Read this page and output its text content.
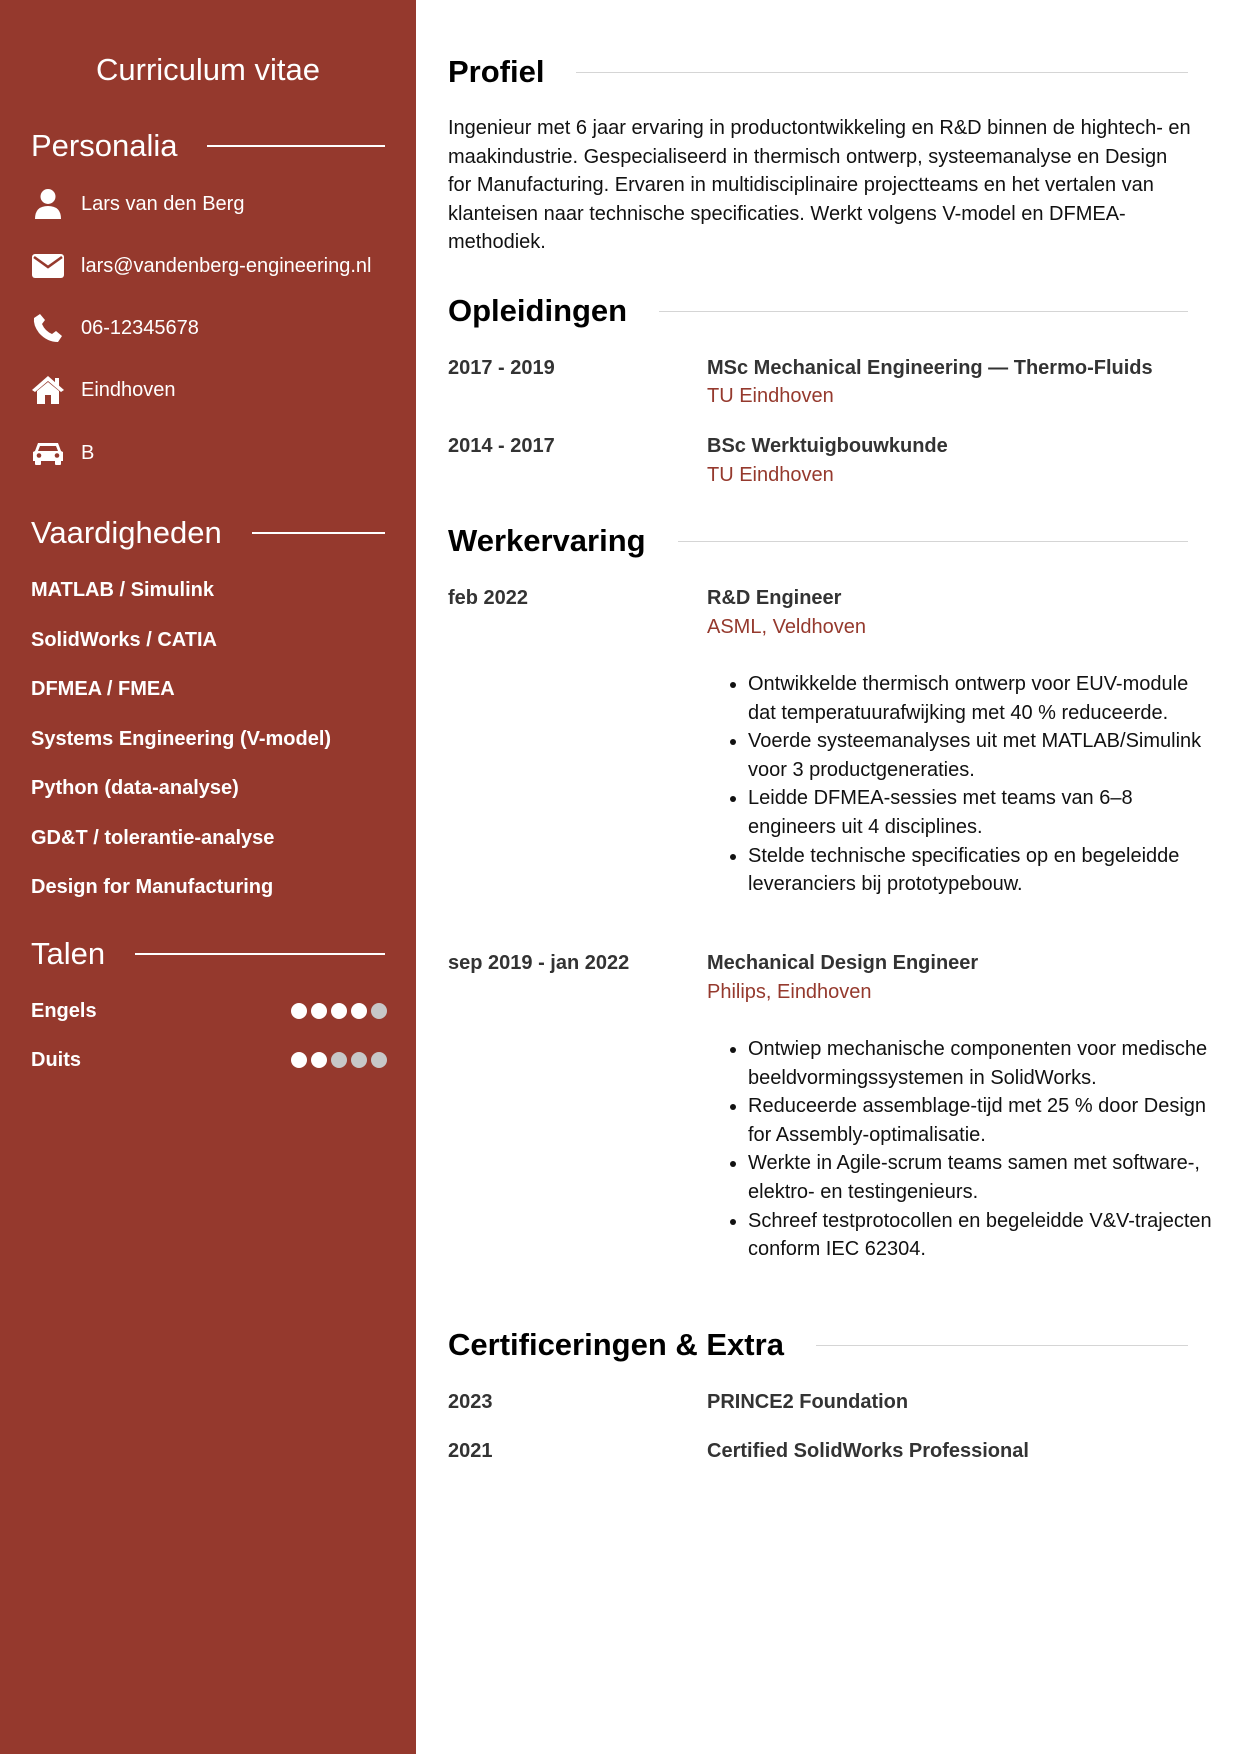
Curriculum vitae
Personalia
Lars van den Berg
lars@vandenberg-engineering.nl
06-12345678
Eindhoven
B
Vaardigheden
MATLAB / Simulink
SolidWorks / CATIA
DFMEA / FMEA
Systems Engineering (V-model)
Python (data-analyse)
GD&T / tolerantie-analyse
Design for Manufacturing
Talen
Engels
Duits
Profiel
Ingenieur met 6 jaar ervaring in productontwikkeling en R&D binnen de hightech- en maakindustrie. Gespecialiseerd in thermisch ontwerp, systeemanalyse en Design for Manufacturing. Ervaren in multidisciplinaire projectteams en het vertalen van klanteisen naar technische specificaties. Werkt volgens V-model en DFMEA-methodiek.
Opleidingen
2017 - 2019	MSc Mechanical Engineering — Thermo-Fluids
TU Eindhoven
2014 - 2017	BSc Werktuigbouwkunde
TU Eindhoven
Werkervaring
feb 2022	R&D Engineer
ASML, Veldhoven
• Ontwikkelde thermisch ontwerp voor EUV-module dat temperatuurafwijking met 40 % reduceerde.
• Voerde systeemanalyses uit met MATLAB/Simulink voor 3 productgeneraties.
• Leidde DFMEA-sessies met teams van 6–8 engineers uit 4 disciplines.
• Stelde technische specificaties op en begeleidde leveranciers bij prototypebouw.
sep 2019 - jan 2022	Mechanical Design Engineer
Philips, Eindhoven
• Ontwiep mechanische componenten voor medische beeldvormingssystemen in SolidWorks.
• Reduceerde assemblage-tijd met 25 % door Design for Assembly-optimalisatie.
• Werkte in Agile-scrum teams samen met software-, elektro- en testingenieurs.
• Schreef testprotocollen en begeleidde V&V-trajecten conform IEC 62304.
Certificeringen & Extra
2023	PRINCE2 Foundation
2021	Certified SolidWorks Professional
